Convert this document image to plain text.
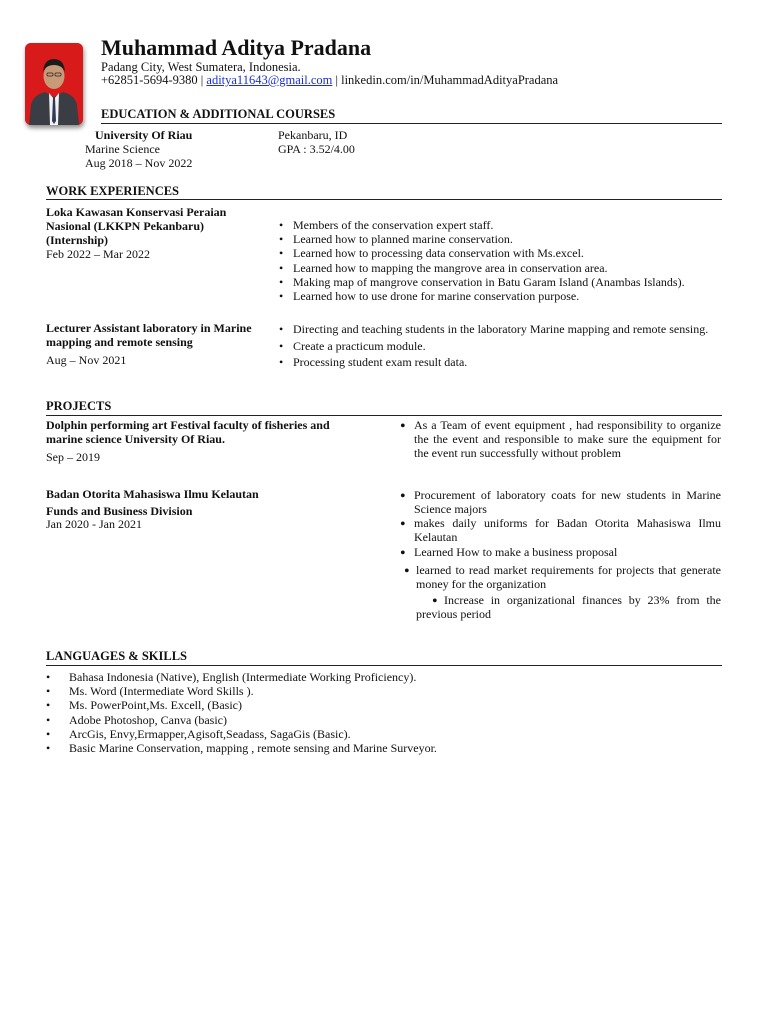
Muhammad Aditya Pradana
Padang City, West Sumatera, Indonesia.
+62851-5694-9380 | aditya11643@gmail.com | linkedin.com/in/MuhammadAdityaPradana
EDUCATION & ADDITIONAL COURSES
University Of Riau
Marine Science
Aug 2018 – Nov 2022
Pekanbaru, ID
GPA : 3.52/4.00
WORK EXPERIENCES
Loka Kawasan Konservasi Peraian
Nasional (LKKPN Pekanbaru)
(Internship)
Feb 2022 – Mar 2022
• Members of the conservation expert staff.
• Learned how to planned marine conservation.
• Learned how to processing data conservation with Ms.excel.
• Learned how to mapping the mangrove area in conservation area.
• Making map of mangrove conservation in Batu Garam Island (Anambas Islands).
• Learned how to use drone for marine conservation purpose.
Lecturer Assistant laboratory in Marine
mapping and remote sensing
Aug – Nov 2021
• Directing and teaching students in the laboratory Marine mapping and remote sensing.
• Create a practicum module.
• Processing student exam result data.
PROJECTS
Dolphin performing art Festival faculty of fisheries and
marine science University Of Riau.
Sep – 2019
• As a Team of event equipment , had responsibility to organize the the event and responsible to make sure the equipment for the event run successfully without problem
Badan Otorita Mahasiswa Ilmu Kelautan
Funds and Business Division
Jan 2020 - Jan 2021
• Procurement of laboratory coats for new students in Marine Science majors
• makes daily uniforms for Badan Otorita Mahasiswa Ilmu Kelautan
• Learned How to make a business proposal
• learned to read market requirements for projects that generate money for the organization
• Increase in organizational finances by 23% from the previous period
LANGUAGES & SKILLS
• Bahasa Indonesia (Native), English (Intermediate Working Proficiency).
• Ms. Word (Intermediate Word Skills ).
• Ms. PowerPoint,Ms. Excell, (Basic)
• Adobe Photoshop, Canva (basic)
• ArcGis, Envy,Ermapper,Agisoft,Seadass, SagaGis (Basic).
• Basic Marine Conservation, mapping , remote sensing and Marine Surveyor.
